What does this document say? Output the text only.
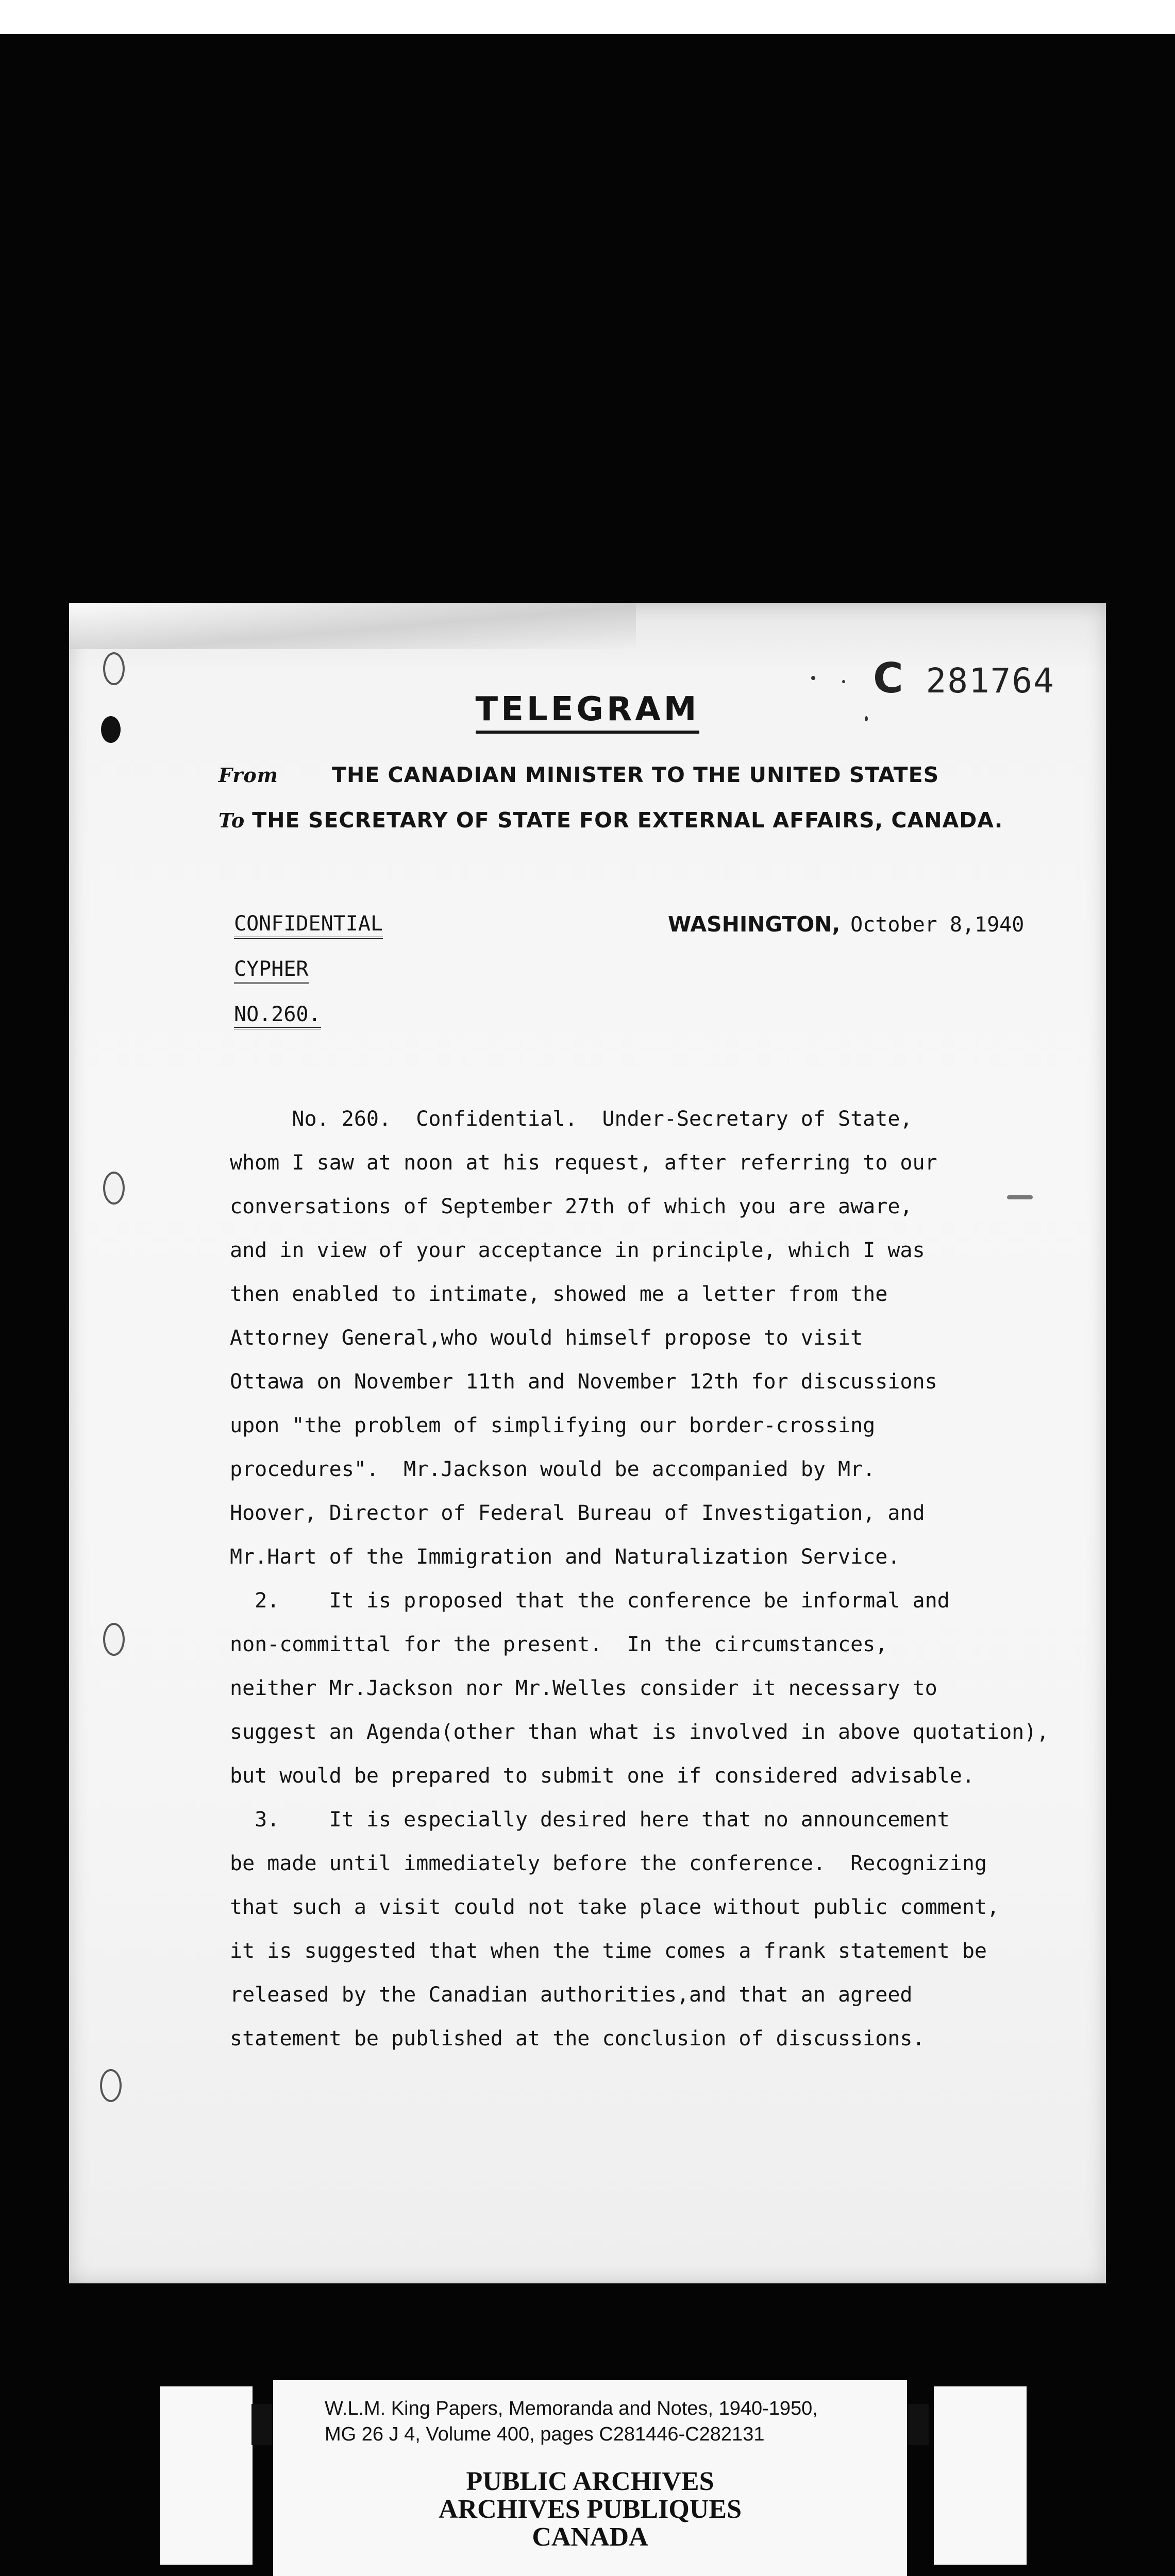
C 281764
TELEGRAM
From	THE CANADIAN MINISTER TO THE UNITED STATES
To THE SECRETARY OF STATE FOR EXTERNAL AFFAIRS, CANADA.
CONFIDENTIAL
CYPHER
NO.260.
WASHINGTON, October 8,1940
No. 260.  Confidential.  Under-Secretary of State,
whom I saw at noon at his request, after referring to our
conversations of September 27th of which you are aware,
and in view of your acceptance in principle, which I was
then enabled to intimate, showed me a letter from the
Attorney General,who would himself propose to visit
Ottawa on November 11th and November 12th for discussions
upon "the problem of simplifying our border-crossing
procedures".  Mr.Jackson would be accompanied by Mr.
Hoover, Director of Federal Bureau of Investigation, and
Mr.Hart of the Immigration and Naturalization Service.
2.    It is proposed that the conference be informal and
non-committal for the present.  In the circumstances,
neither Mr.Jackson nor Mr.Welles consider it necessary to
suggest an Agenda(other than what is involved in above quotation),
but would be prepared to submit one if considered advisable.
3.    It is especially desired here that no announcement
be made until immediately before the conference.  Recognizing
that such a visit could not take place without public comment,
it is suggested that when the time comes a frank statement be
released by the Canadian authorities,and that an agreed
statement be published at the conclusion of discussions.
W.L.M. King Papers, Memoranda and Notes, 1940-1950,
MG 26 J 4, Volume 400, pages C281446-C282131
PUBLIC ARCHIVES
ARCHIVES PUBLIQUES
CANADA
